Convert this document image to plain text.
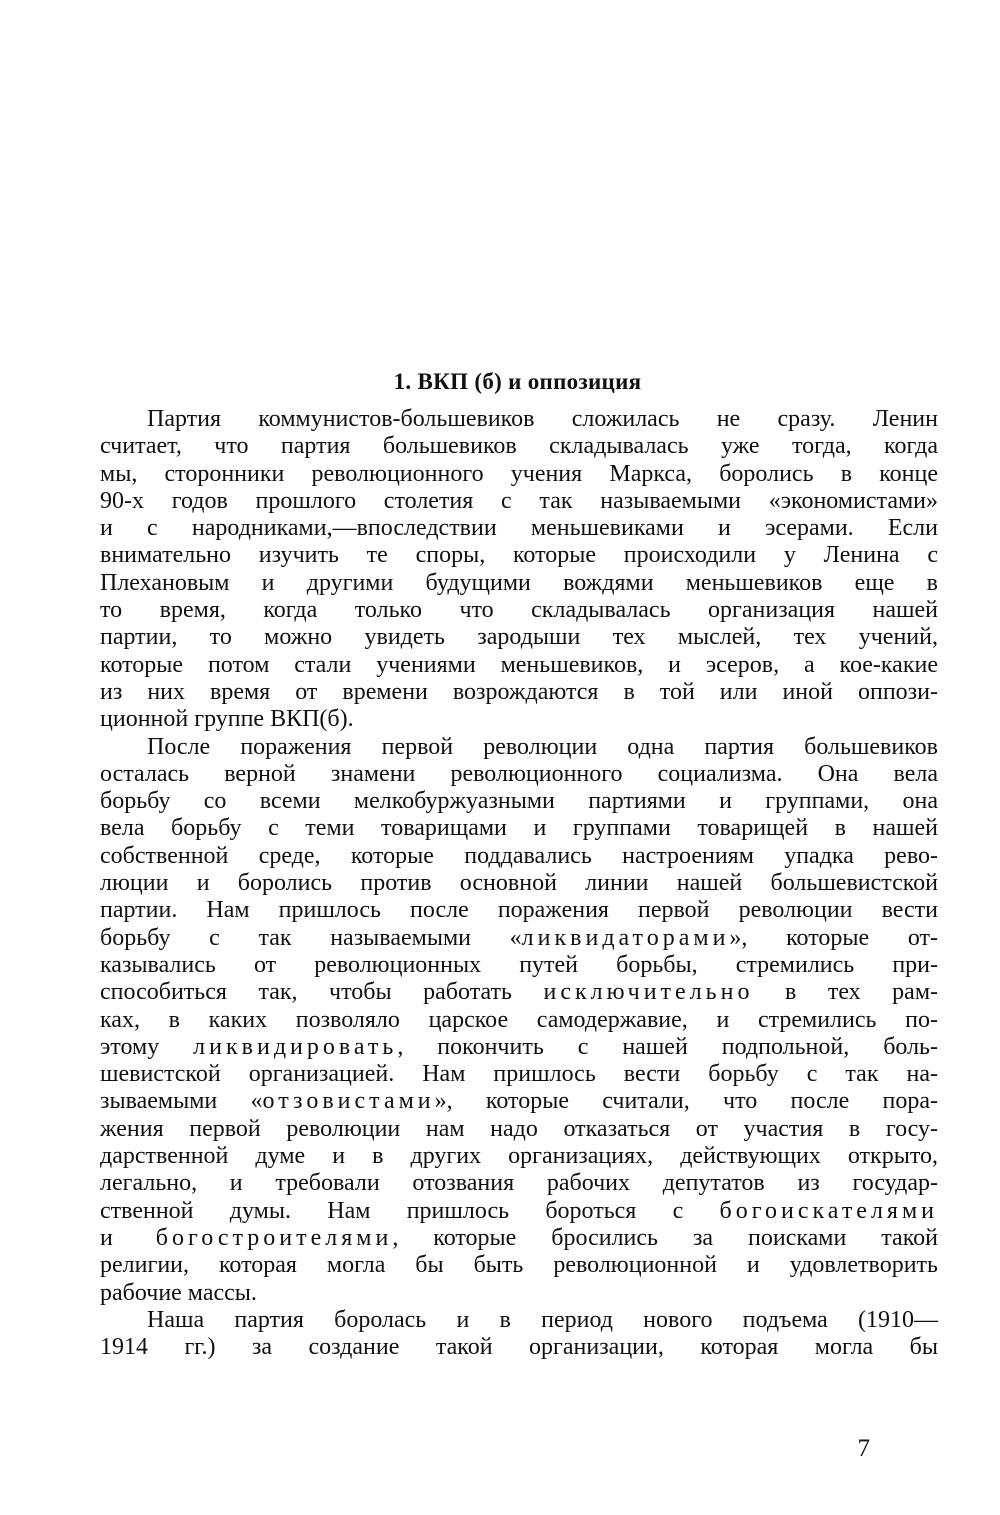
1. ВКП (б) и оппозиция

Партия коммунистов-большевиков сложилась не сразу. Ленин
считает, что партия большевиков складывалась уже тогда, когда
мы, сторонники революционного учения Маркса, боролись в конце
90-х годов прошлого столетия с так называемыми «экономистами»
и с народниками,—впоследствии меньшевиками и эсерами. Если
внимательно изучить те споры, которые происходили у Ленина с
Плехановым и другими будущими вождями меньшевиков еще в
то время, когда только что складывалась организация нашей
партии, то можно увидеть зародыши тех мыслей, тех учений,
которые потом стали учениями меньшевиков, и эсеров, а кое-какие
из них время от времени возрождаются в той или иной оппози-
ционной группе ВКП(б).

После поражения первой революции одна партия большевиков
осталась верной знамени революционного социализма. Она вела
борьбу со всеми мелкобуржуазными партиями и группами, она
вела борьбу с теми товарищами и группами товарищей в нашей
собственной среде, которые поддавались настроениям упадка рево-
люции и боролись против основной линии нашей большевистской
партии. Нам пришлось после поражения первой революции вести
борьбу с так называемыми «ликвидаторами», которые от-
казывались от революционных путей борьбы, стремились при-
способиться так, чтобы работать исключительно в тех рам-
ках, в каких позволяло царское самодержавие, и стремились по-
этому ликвидировать, покончить с нашей подпольной, боль-
шевистской организацией. Нам пришлось вести борьбу с так на-
зываемыми «отзовистами», которые считали, что после пора-
жения первой революции нам надо отказаться от участия в госу-
дарственной думе и в других организациях, действующих открыто,
легально, и требовали отозвания рабочих депутатов из государ-
ственной думы. Нам пришлось бороться с богоискателями
и богостроителями, которые бросились за поисками такой
религии, которая могла бы быть революционной и удовлетворить
рабочие массы.

Наша партия боролась и в период нового подъема (1910—
1914 гг.) за создание такой организации, которая могла бы

7
